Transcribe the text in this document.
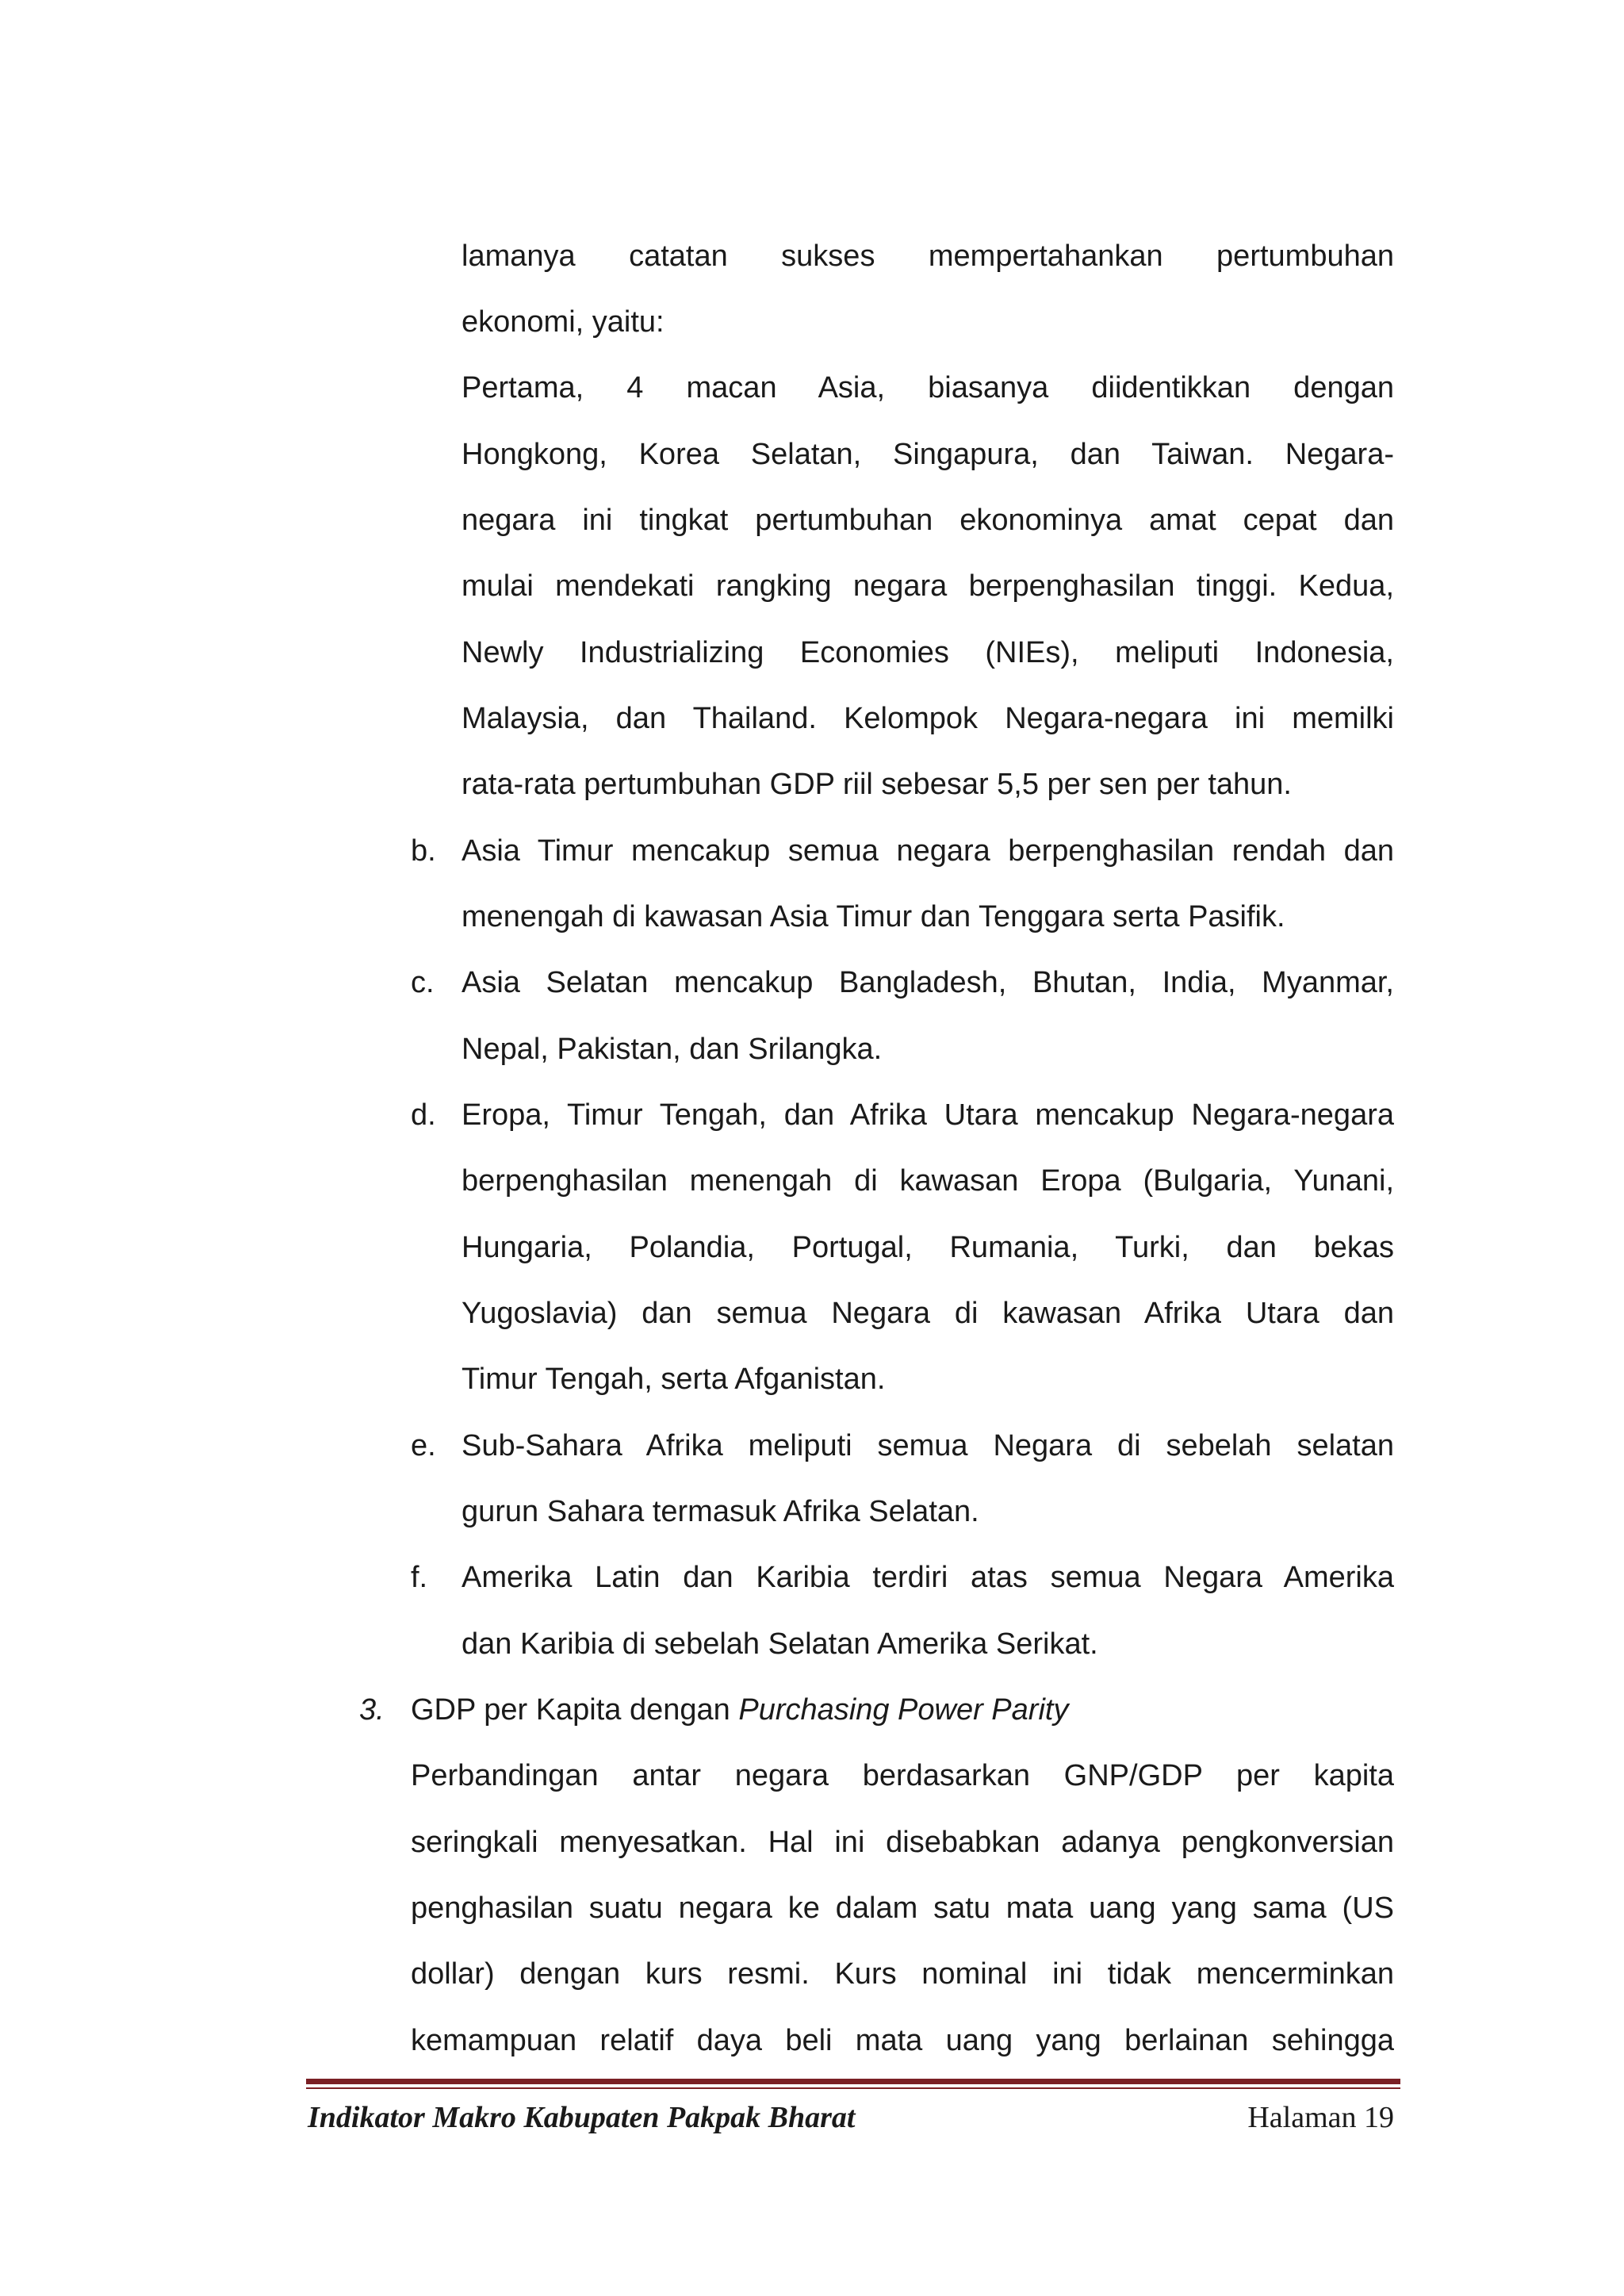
lamanya catatan sukses mempertahankan pertumbuhan
ekonomi, yaitu:
Pertama, 4 macan Asia, biasanya diidentikkan dengan
Hongkong, Korea Selatan, Singapura, dan Taiwan. Negara-
negara ini tingkat pertumbuhan ekonominya amat cepat dan
mulai mendekati rangking negara berpenghasilan tinggi. Kedua,
Newly Industrializing Economies (NIEs), meliputi Indonesia,
Malaysia, dan Thailand. Kelompok Negara-negara ini memilki
rata-rata pertumbuhan GDP riil sebesar 5,5 per sen per tahun.
b. Asia Timur mencakup semua negara berpenghasilan rendah dan
menengah di kawasan Asia Timur dan Tenggara serta Pasifik.
c. Asia Selatan mencakup Bangladesh, Bhutan, India, Myanmar,
Nepal, Pakistan, dan Srilangka.
d. Eropa, Timur Tengah, dan Afrika Utara mencakup Negara-negara
berpenghasilan menengah di kawasan Eropa (Bulgaria, Yunani,
Hungaria, Polandia, Portugal, Rumania, Turki, dan bekas
Yugoslavia) dan semua Negara di kawasan Afrika Utara dan
Timur Tengah, serta Afganistan.
e. Sub-Sahara Afrika meliputi semua Negara di sebelah selatan
gurun Sahara termasuk Afrika Selatan.
f. Amerika Latin dan Karibia terdiri atas semua Negara Amerika
dan Karibia di sebelah Selatan Amerika Serikat.
3. GDP per Kapita dengan Purchasing Power Parity
Perbandingan antar negara berdasarkan GNP/GDP per kapita
seringkali menyesatkan. Hal ini disebabkan adanya pengkonversian
penghasilan suatu negara ke dalam satu mata uang yang sama (US
dollar) dengan kurs resmi. Kurs nominal ini tidak mencerminkan
kemampuan relatif daya beli mata uang yang berlainan sehingga
Indikator Makro Kabupaten Pakpak Bharat	Halaman 19
